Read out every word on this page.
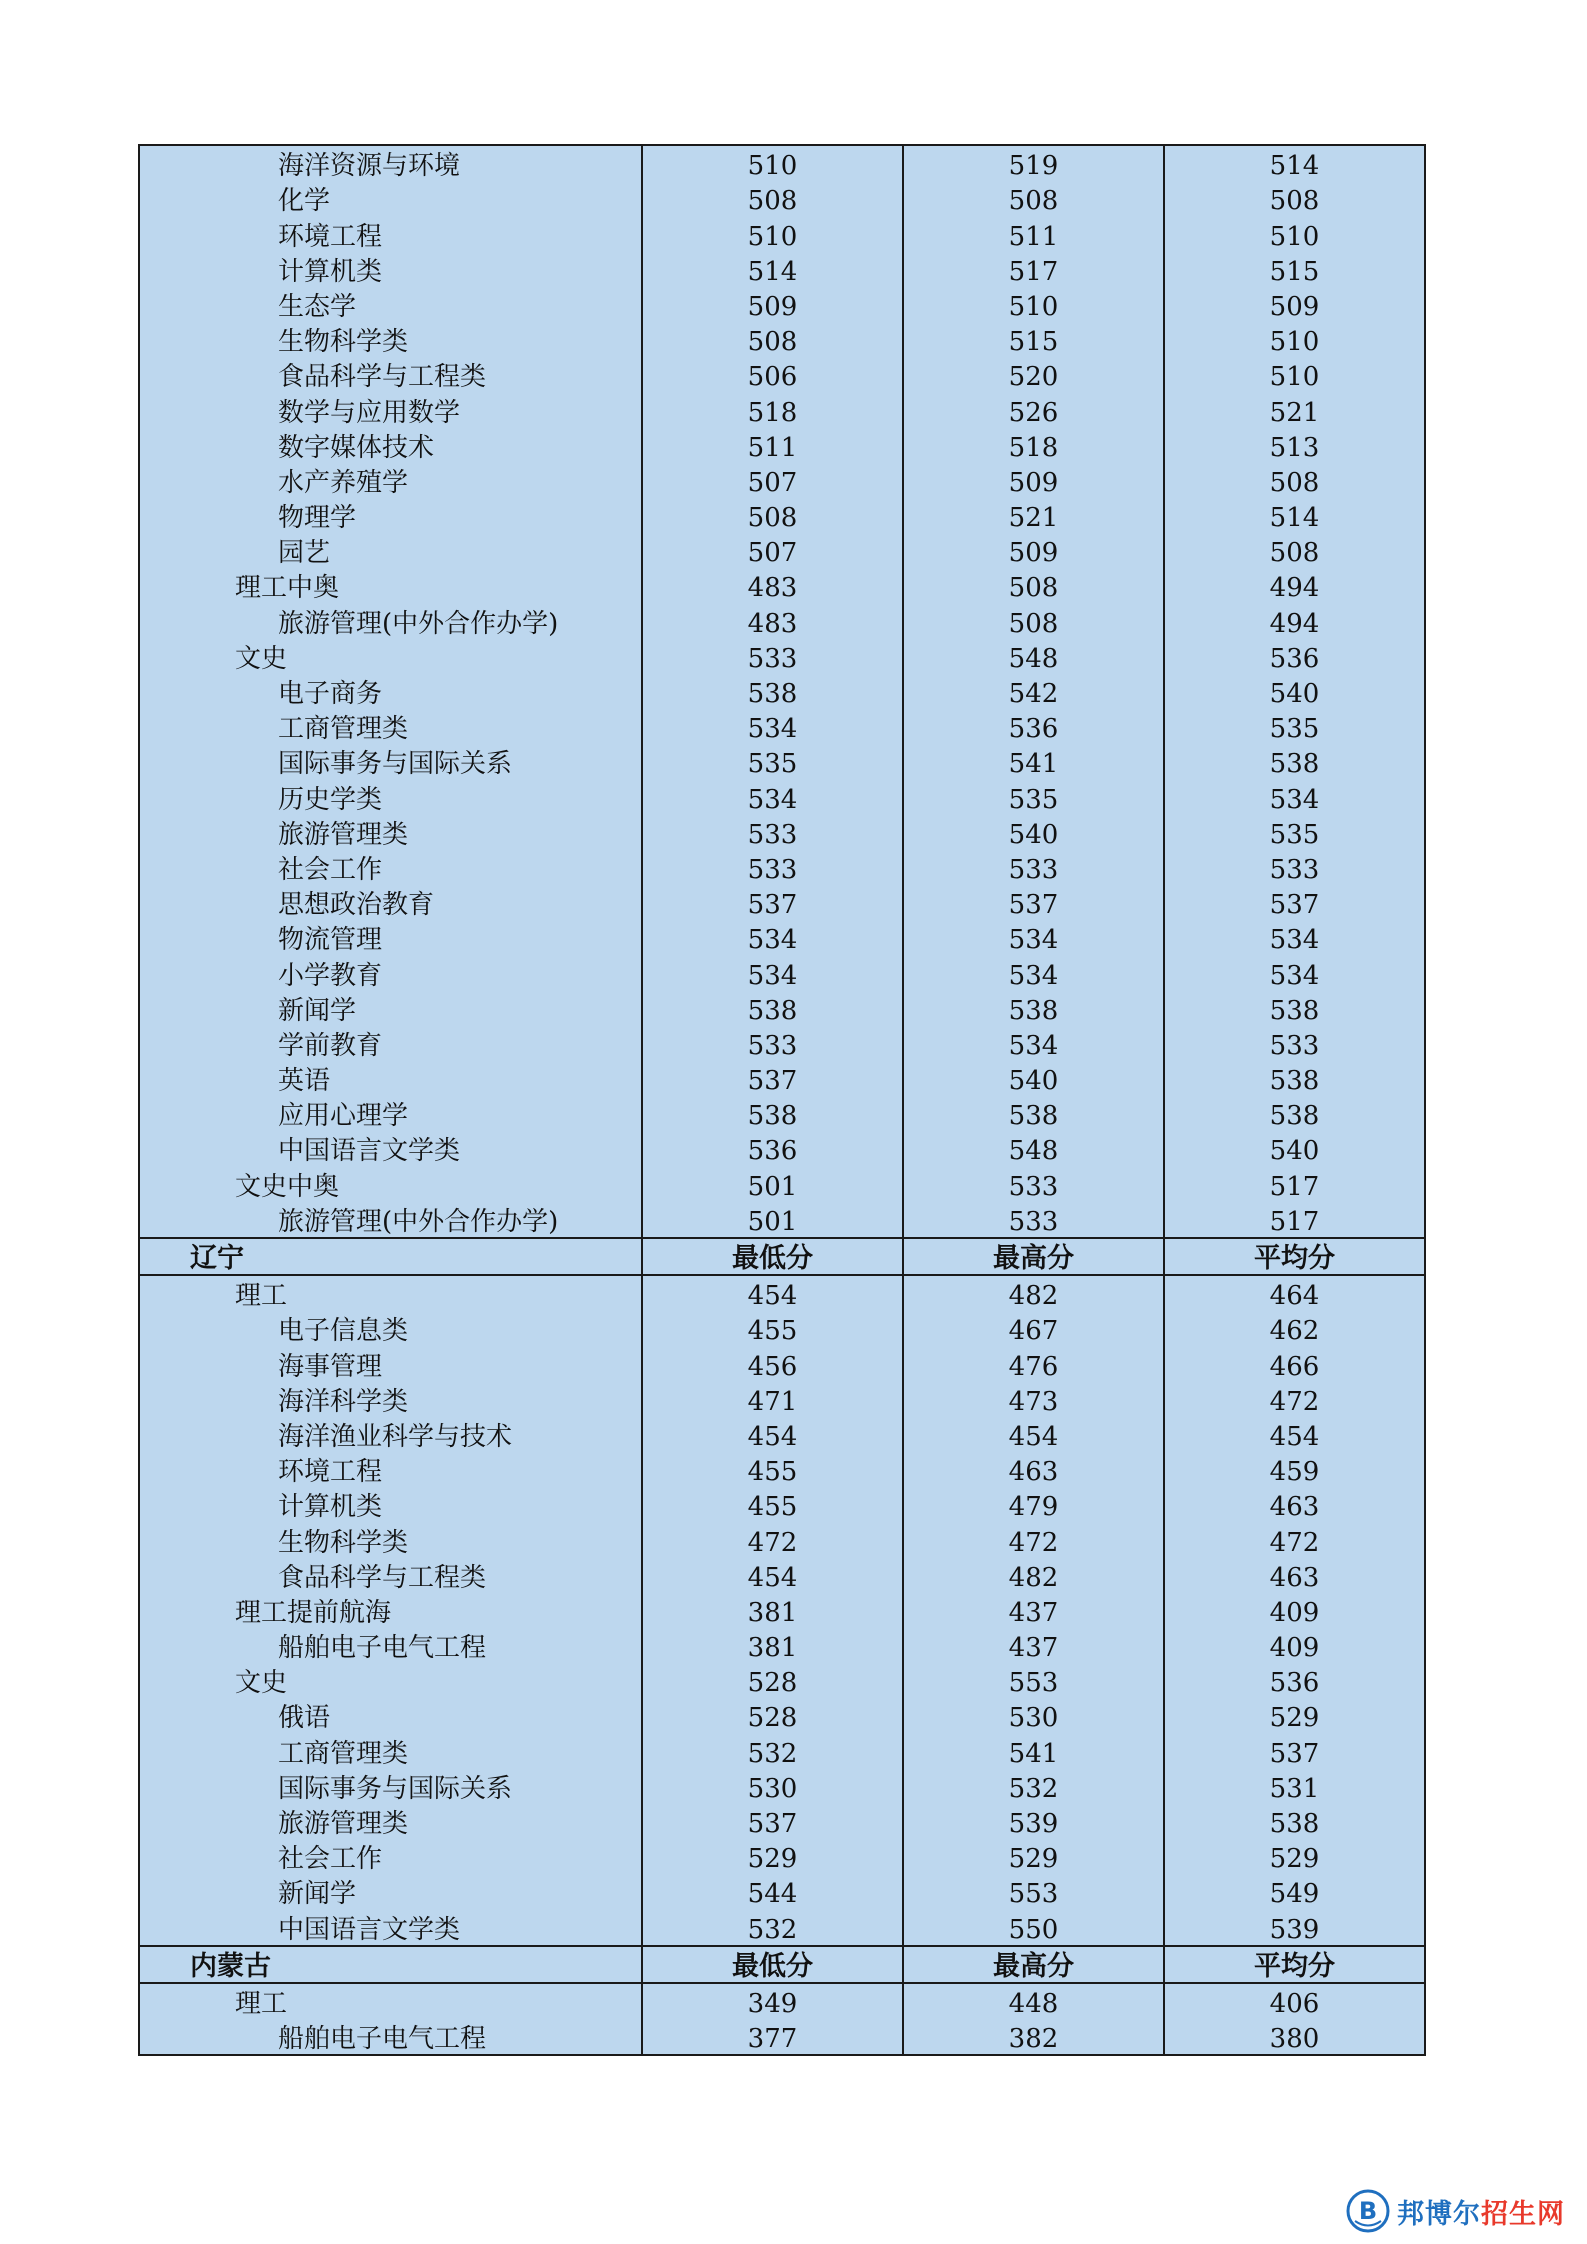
海洋资源与环境	510	519	514
化学	508	508	508
环境工程	510	511	510
计算机类	514	517	515
生态学	509	510	509
生物科学类	508	515	510
食品科学与工程类	506	520	510
数学与应用数学	518	526	521
数字媒体技术	511	518	513
水产养殖学	507	509	508
物理学	508	521	514
园艺	507	509	508
理工中奥	483	508	494
旅游管理(中外合作办学)	483	508	494
文史	533	548	536
电子商务	538	542	540
工商管理类	534	536	535
国际事务与国际关系	535	541	538
历史学类	534	535	534
旅游管理类	533	540	535
社会工作	533	533	533
思想政治教育	537	537	537
物流管理	534	534	534
小学教育	534	534	534
新闻学	538	538	538
学前教育	533	534	533
英语	537	540	538
应用心理学	538	538	538
中国语言文学类	536	548	540
文史中奥	501	533	517
旅游管理(中外合作办学)	501	533	517
辽宁	最低分	最高分	平均分
理工	454	482	464
电子信息类	455	467	462
海事管理	456	476	466
海洋科学类	471	473	472
海洋渔业科学与技术	454	454	454
环境工程	455	463	459
计算机类	455	479	463
生物科学类	472	472	472
食品科学与工程类	454	482	463
理工提前航海	381	437	409
船舶电子电气工程	381	437	409
文史	528	553	536
俄语	528	530	529
工商管理类	532	541	537
国际事务与国际关系	530	532	531
旅游管理类	537	539	538
社会工作	529	529	529
新闻学	544	553	549
中国语言文学类	532	550	539
内蒙古	最低分	最高分	平均分
理工	349	448	406
船舶电子电气工程	377	382	380
B 邦博尔招生网
